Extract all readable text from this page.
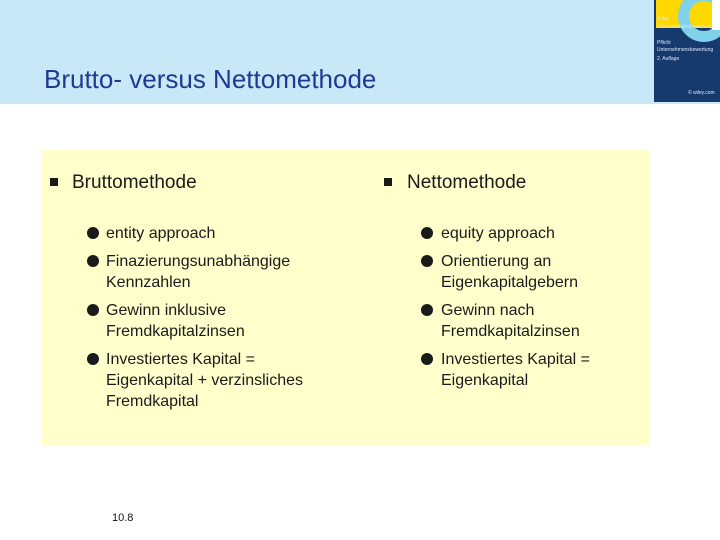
Brutto- versus Nettomethode
Wiley
Unternehmensbewertung
Pflicht
Unternehmensbewertung
2. Auflage
© wiley.com
Bruttomethode
entity approach
Finazierungsunabhängige Kennzahlen
Gewinn inklusive Fremdkapitalzinsen
Investiertes Kapital = Eigenkapital + verzinsliches Fremdkapital
Nettomethode
equity approach
Orientierung an Eigenkapitalgebern
Gewinn nach Fremdkapitalzinsen
Investiertes Kapital = Eigenkapital
10.8
